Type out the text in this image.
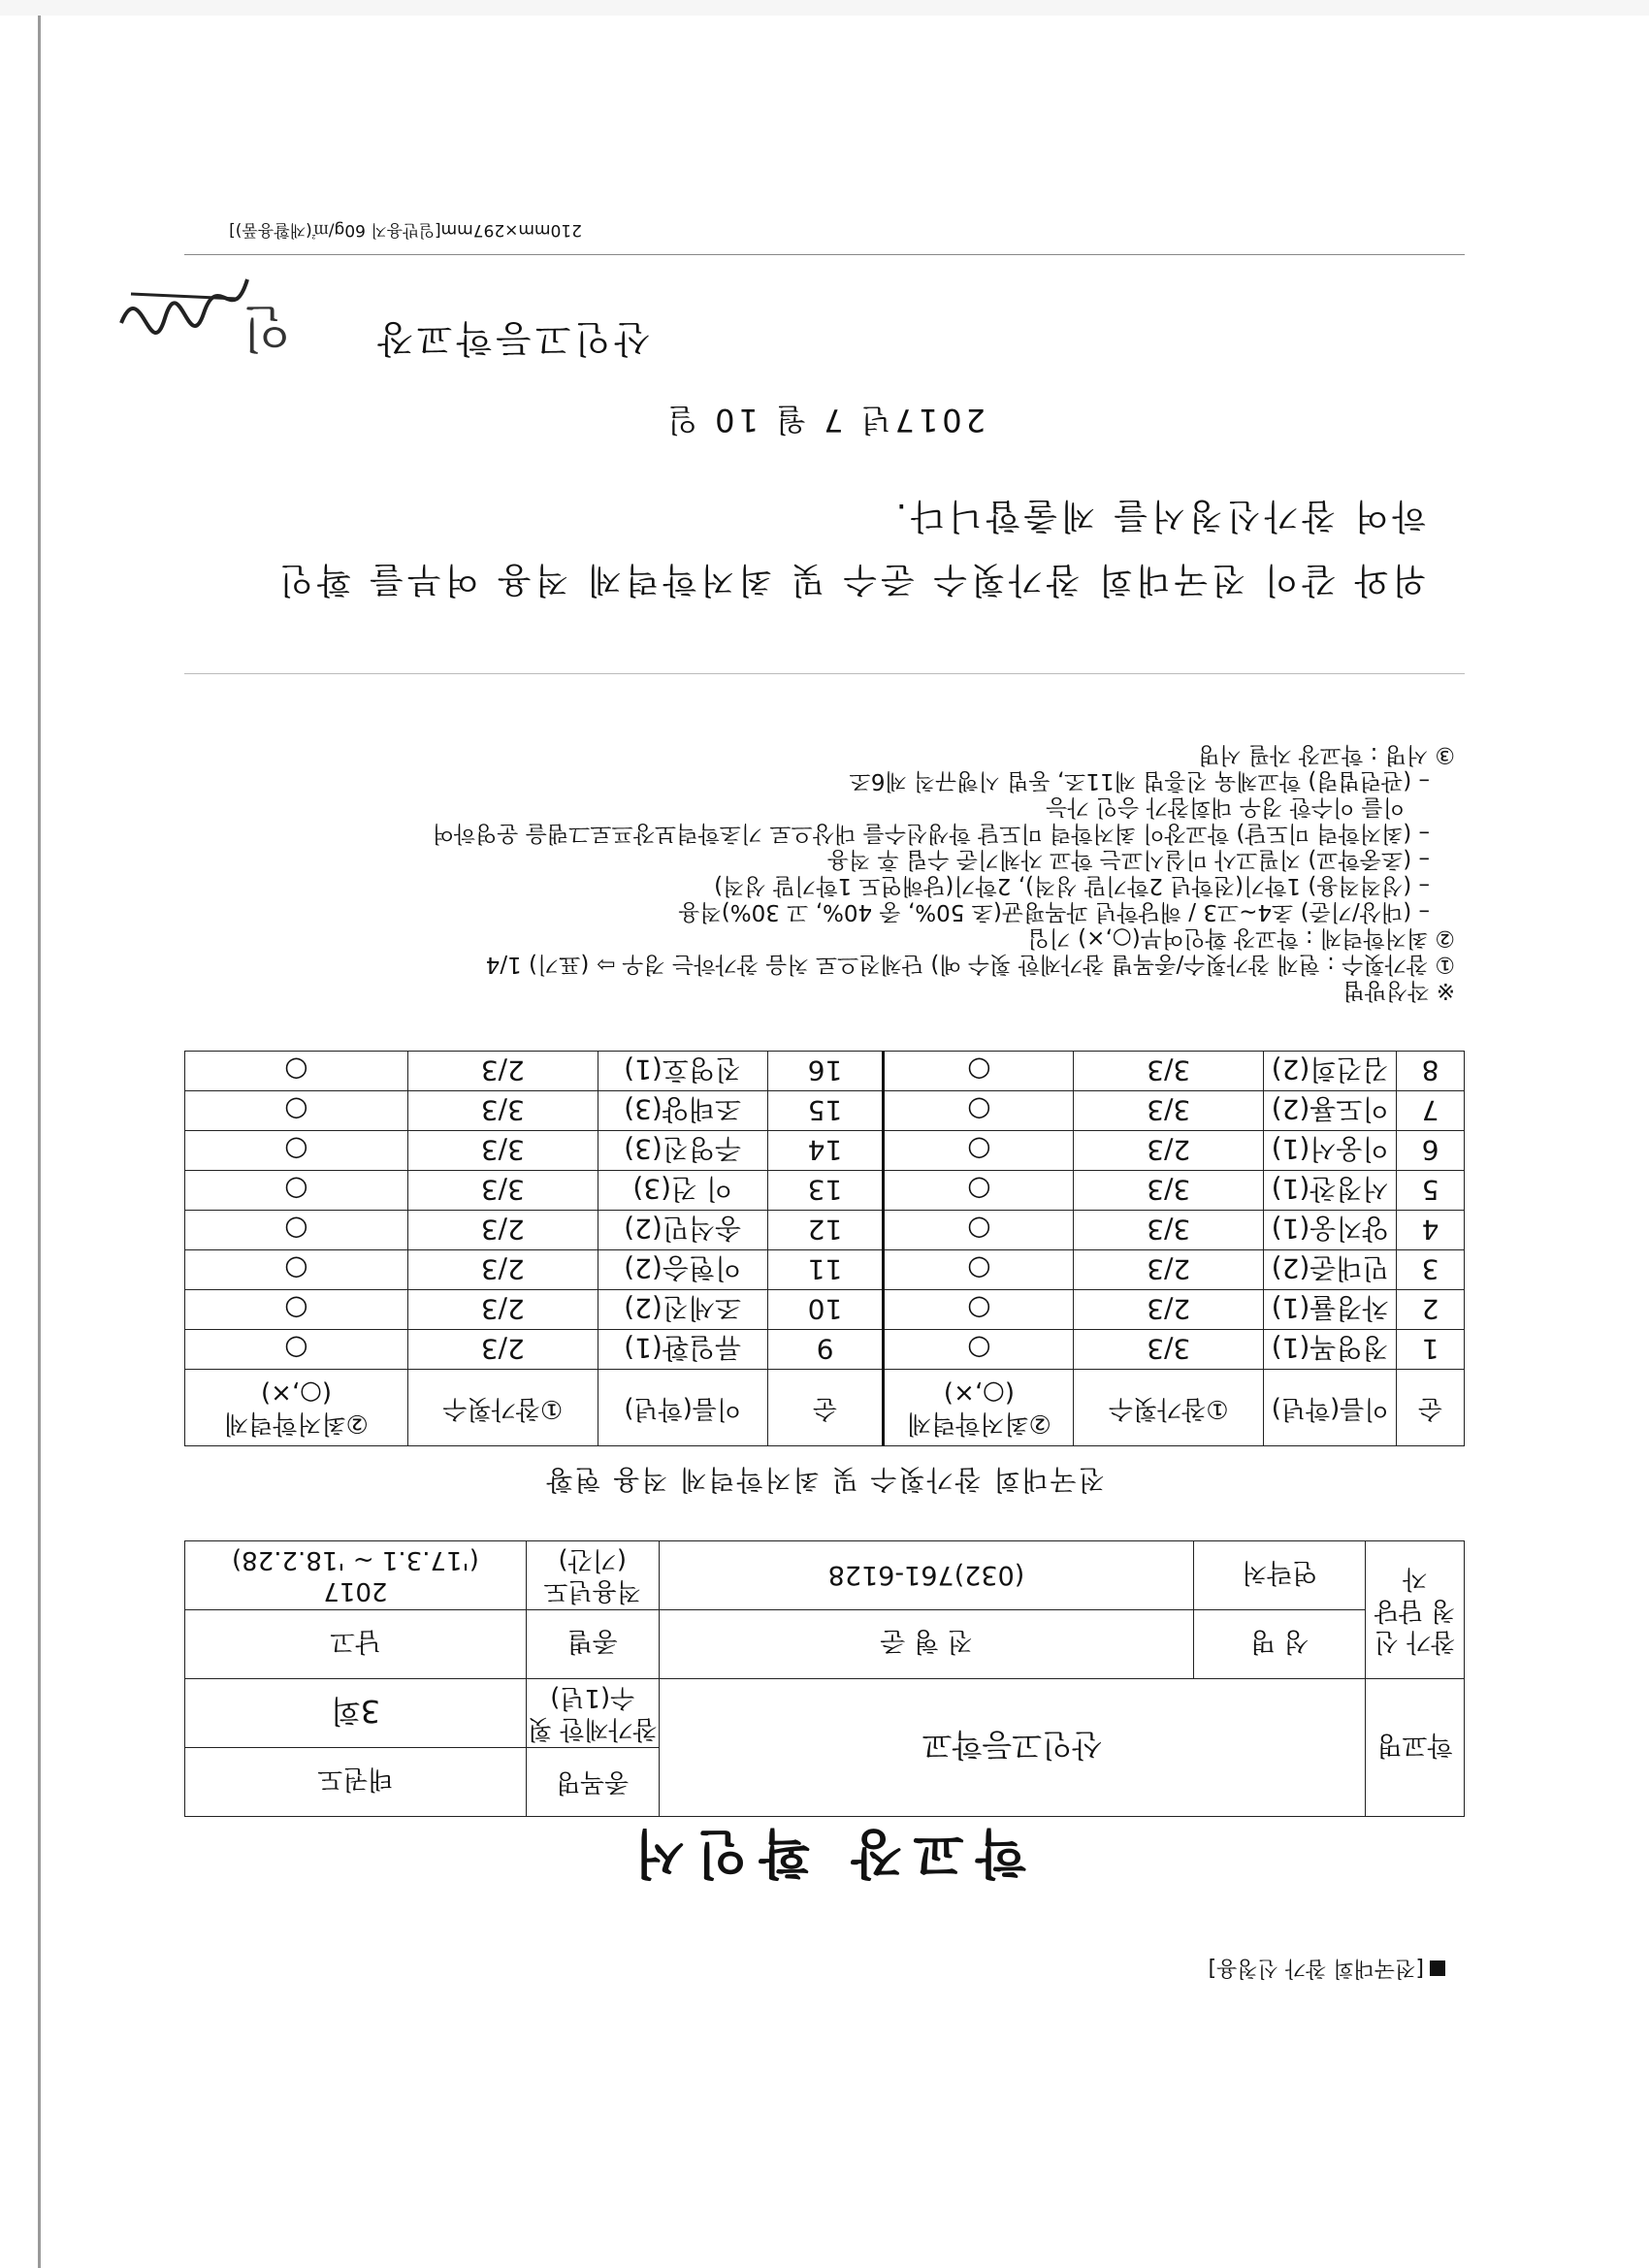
[전국대회 참가 신청용]
학교장 확인서
학교명	산인고등학교		종목명	태권도
			참가제한 횟수(1년)	3회
참가 신청 담당자	성 명	전 형 준	종별	남고
	연락처	(032)761-6128	적용년도 (기간)	2017
('17.3.1 ~ '18.2.28)
전국대회 참가횟수 및 최저학력제 적용 현황
순	이름(학년)	①참가횟수	②최저학력제 (○,×)	순	이름(학년)	①참가횟수	②최저학력제 (○,×)
1	정영목(1)	3/3	○	9	류일환(1)	2/3	○
2	차경률(1)	2/3	○	10	조세진(2)	2/3	○
3	민대준(2)	2/3	○	11	이현승(2)	2/3	○
4	양지웅(1)	3/3	○	12	송석민(2)	2/3	○
5	서정찬(1)	3/3	○	13	이 건(3)	3/3	○
6	이웅서(1)	2/3	○	14	주영진(3)	3/3	○
7	이도룡(2)	3/3	○	15	조태양(3)	3/3	○
8	김건희(2)	3/3	○	16	진영호(1)	2/3	○
※ 작성방법
① 참가횟수 : 현재 참가횟수/종목별 참가제한 횟수 예) 단체전으로 처음 참가하는 경우 ⇨ (표기) 1/4
② 최저학력제 : 학교장 확인여부(○,×) 기입
– (대상/기준) 초4~고3 / 해당학년 과목평균(초 50%, 중 40%, 고 30%)적용
– (성적적용) 1학기(전학년 2학기말 성적), 2학기(당해연도 1학기말 성적)
– (초중학교) 지필고사 미실시교는 학교 자체기준 수립 후 적용
– (최저학력 미도달) 학교장이 최저학력 미도달 학생선수를 대상으로 기초학력보장프로그램을 운영하여
이를 이수한 경우 대회참가 승인 가능
– (관련법령) 학교체육 진흥법 제11조, 동법 시행규칙 제6조
③ 서명 : 학교장 자필 서명
위와 같이 전국대회 참가횟수 준수 및 최저학력제 적용 여부를 확인
하여 참가신청서를 제출합니다.
2017년 7 월 10 일
산인고등학교장
인
210mm×297mm[일반용지 60g/㎡(재활용품)]
